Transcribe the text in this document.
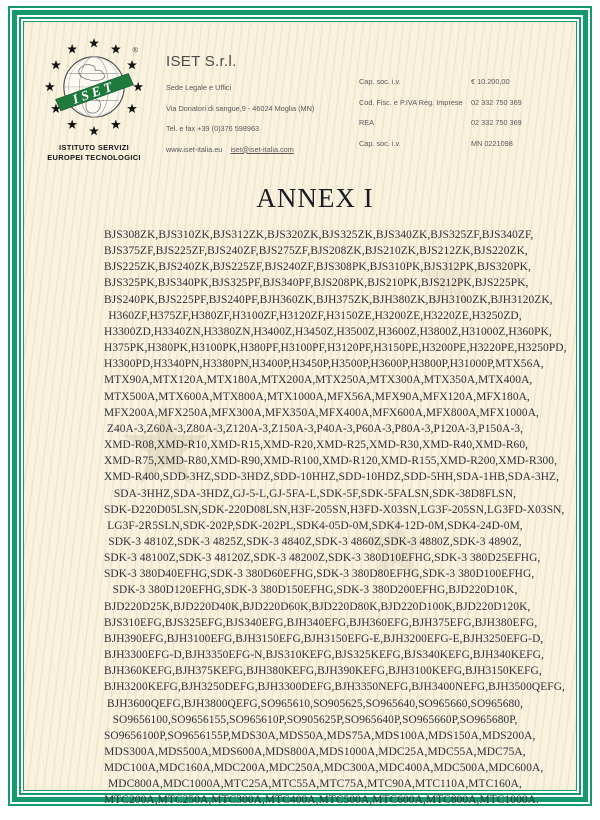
★
★
★
ISET
®
ISTITUTO SERVIZI
EUROPEI TECNOLOGICI
ISET S.r.l.
Sede Legale e Uffici
Via Donatori di sangue,9 - 46024 Moglia (MN)
Tel. e fax +39 (0)376 598963
www.iset-italia.eu iset@iset-italia.com
Cap. soc. i.v.	€ 10.200,00
Cod. Fisc. e P.IVA Reg. Imprese	02 332 750 369
REA	02 332 750 369
Cap. soc. i.v.	MN 0221098
ANNEX I
BJS308ZK,BJS310ZK,BJS312ZK,BJS320ZK,BJS325ZK,BJS340ZK,BJS325ZF,BJS340ZF,
BJS375ZF,BJS225ZF,BJS240ZF,BJS275ZF,BJS208ZK,BJS210ZK,BJS212ZK,BJS220ZK,
BJS225ZK,BJS240ZK,BJS225ZF,BJS240ZF,BJS308PK,BJS310PK,BJS312PK,BJS320PK,
BJS325PK,BJS340PK,BJS325PF,BJS340PF,BJS208PK,BJS210PK,BJS212PK,BJS225PK,
BJS240PK,BJS225PF,BJS240PF,BJH360ZK,BJH375ZK,BJH380ZK,BJH3100ZK,BJH3120ZK,
H360ZF,H375ZF,H380ZF,H3100ZF,H3120ZF,H3150ZE,H3200ZE,H3220ZE,H3250ZD,
H3300ZD,H3340ZN,H3380ZN,H3400Z,H3450Z,H3500Z,H3600Z,H3800Z,H31000Z,H360PK,
H375PK,H380PK,H3100PK,H380PF,H3100PF,H3120PF,H3150PE,H3200PE,H3220PE,H3250PD,
H3300PD,H3340PN,H3380PN,H3400P,H3450P,H3500P,H3600P,H3800P,H31000P,MTX56A,
MTX90A,MTX120A,MTX180A,MTX200A,MTX250A,MTX300A,MTX350A,MTX400A,
MTX500A,MTX600A,MTX800A,MTX1000A,MFX56A,MFX90A,MFX120A,MFX180A,
MFX200A,MFX250A,MFX300A,MFX350A,MFX400A,MFX600A,MFX800A,MFX1000A,
Z40A-3,Z60A-3,Z80A-3,Z120A-3,Z150A-3,P40A-3,P60A-3,P80A-3,P120A-3,P150A-3,
XMD-R08,XMD-R10,XMD-R15,XMD-R20,XMD-R25,XMD-R30,XMD-R40,XMD-R60,
XMD-R75,XMD-R80,XMD-R90,XMD-R100,XMD-R120,XMD-R155,XMD-R200,XMD-R300,
XMD-R400,SDD-3HZ,SDD-3HDZ,SDD-10HHZ,SDD-10HDZ,SDD-5HH,SDA-1HB,SDA-3HZ,
SDA-3HHZ,SDA-3HDZ,GJ-5-L,GJ-5FA-L,SDK-5F,SDK-5FALSN,SDK-38D8FLSN,
SDK-D220D05LSN,SDK-220D08LSN,H3F-205SN,H3FD-X03SN,LG3F-205SN,LG3FD-X03SN,
LG3F-2R5SLN,SDK-202P,SDK-202PL,SDK4-05D-0M,SDK4-12D-0M,SDK4-24D-0M,
SDK-3 4810Z,SDK-3 4825Z,SDK-3 4840Z,SDK-3 4860Z,SDK-3 4880Z,SDK-3 4890Z,
SDK-3 48100Z,SDK-3 48120Z,SDK-3 48200Z,SDK-3 380D10EFHG,SDK-3 380D25EFHG,
SDK-3 380D40EFHG,SDK-3 380D60EFHG,SDK-3 380D80EFHG,SDK-3 380D100EFHG,
SDK-3 380D120EFHG,SDK-3 380D150EFHG,SDK-3 380D200EFHG,BJD220D10K,
BJD220D25K,BJD220D40K,BJD220D60K,BJD220D80K,BJD220D100K,BJD220D120K,
BJS310EFG,BJS325EFG,BJS340EFG,BJH340EFG,BJH360EFG,BJH375EFG,BJH380EFG,
BJH390EFG,BJH3100EFG,BJH3150EFG,BJH3150EFG-E,BJH3200EFG-E,BJH3250EFG-D,
BJH3300EFG-D,BJH3350EFG-N,BJS310KEFG,BJS325KEFG,BJS340KEFG,BJH340KEFG,
BJH360KEFG,BJH375KEFG,BJH380KEFG,BJH390KEFG,BJH3100KEFG,BJH3150KEFG,
BJH3200KEFG,BJH3250DEFG,BJH3300DEFG,BJH3350NEFG,BJH3400NEFG,BJH3500QEFG,
BJH3600QEFG,BJH3800QEFG,SO965610,SO905625,SO965640,SO965660,SO965680,
SO9656100,SO9656155,SO965610P,SO905625P,SO965640P,SO965660P,SO965680P,
SO9656100P,SO9656155P,MDS30A,MDS50A,MDS75A,MDS100A,MDS150A,MDS200A,
MDS300A,MDS500A,MDS600A,MDS800A,MDS1000A,MDC25A,MDC55A,MDC75A,
MDC100A,MDC160A,MDC200A,MDC250A,MDC300A,MDC400A,MDC500A,MDC600A,
MDC800A,MDC1000A,MTC25A,MTC55A,MTC75A,MTC90A,MTC110A,MTC160A,
MTC200A,MTC250A,MTC300A,MTC400A,MTC500A,MTC600A,MTC800A,MTC1000A.
